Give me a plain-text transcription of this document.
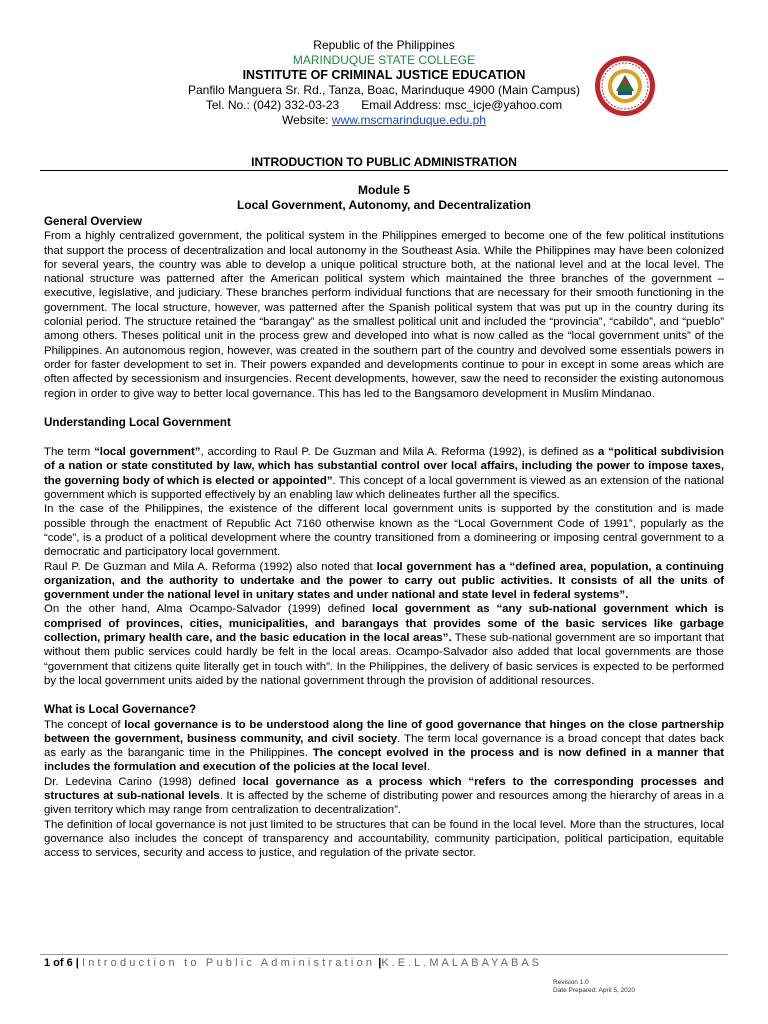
Republic of the Philippines
MARINDUQUE STATE COLLEGE
INSTITUTE OF CRIMINAL JUSTICE EDUCATION
Panfilo Manguera Sr. Rd., Tanza, Boac, Marinduque 4900 (Main Campus)
Tel. No.: (042) 332-03-23 Email Address: msc_icje@yahoo.com
Website: www.mscmarinduque.edu.ph
INTRODUCTION TO PUBLIC ADMINISTRATION
Module 5
Local Government, Autonomy, and Decentralization
General Overview

From a highly centralized government, the political system in the Philippines emerged to become one of the few political institutions that support the process of decentralization and local autonomy in the Southeast Asia. While the Philippines may have been colonized for several years, the country was able to develop a unique political structure both, at the national level and at the local level. The national structure was patterned after the American political system which maintained the three branches of the government – executive, legislative, and judiciary. These branches perform individual functions that are necessary for their smooth functioning in the government. The local structure, however, was patterned after the Spanish political system that was put up in the country during its colonial period. The structure retained the “barangay” as the smallest political unit and included the “provincia”, “cabildo”, and “pueblo” among others. Theses political unit in the process grew and developed into what is now called as the “local government units” of the Philippines. An autonomous region, however, was created in the southern part of the country and devolved some essentials powers in order for faster development to set in. Their powers expanded and developments continue to pour in except in some areas which are often affected by secessionism and insurgencies. Recent developments, however, saw the need to reconsider the existing autonomous region in order to give way to better local governance. This has led to the Bangsamoro development in Muslim Mindanao.

Understanding Local Government

The term “local government”, according to Raul P. De Guzman and Mila A. Reforma (1992), is defined as a “political subdivision of a nation or state constituted by law, which has substantial control over local affairs, including the power to impose taxes, the governing body of which is elected or appointed”. This concept of a local government is viewed as an extension of the national government which is supported effectively by an enabling law which delineates further all the specifics.

In the case of the Philippines, the existence of the different local government units is supported by the constitution and is made possible through the enactment of Republic Act 7160 otherwise known as the “Local Government Code of 1991”, popularly as the “code”, is a product of a political development where the country transitioned from a domineering or imposing central government to a democratic and participatory local government.

Raul P. De Guzman and Mila A. Reforma (1992) also noted that local government has a “defined area, population, a continuing organization, and the authority to undertake and the power to carry out public activities. It consists of all the units of government under the national level in unitary states and under national and state level in federal systems”.

On the other hand, Alma Ocampo-Salvador (1999) defined local government as “any sub-national government which is comprised of provinces, cities, municipalities, and barangays that provides some of the basic services like garbage collection, primary health care, and the basic education in the local areas”. These sub-national government are so important that without them public services could hardly be felt in the local areas. Ocampo-Salvador also added that local governments are those “government that citizens quite literally get in touch with”. In the Philippines, the delivery of basic services is expected to be performed by the local government units aided by the national government through the provision of additional resources.

What is Local Governance?

The concept of local governance is to be understood along the line of good governance that hinges on the close partnership between the government, business community, and civil society. The term local governance is a broad concept that dates back as early as the baranganic time in the Philippines. The concept evolved in the process and is now defined in a manner that includes the formulation and execution of the policies at the local level.

Dr. Ledevina Carino (1998) defined local governance as a process which “refers to the corresponding processes and structures at sub-national levels. It is affected by the scheme of distributing power and resources among the hierarchy of areas in a given territory which may range from centralization to decentralization”.

The definition of local governance is not just limited to be structures that can be found in the local level. More than the structures, local governance also includes the concept of transparency and accountability, community participation, political participation, equitable access to services, security and access to justice, and regulation of the private sector.

1 of 6 | Introduction to Public Administration |K.E.L.MALABAYABAS
Revision 1.0
Date Prepared: April 5, 2020
